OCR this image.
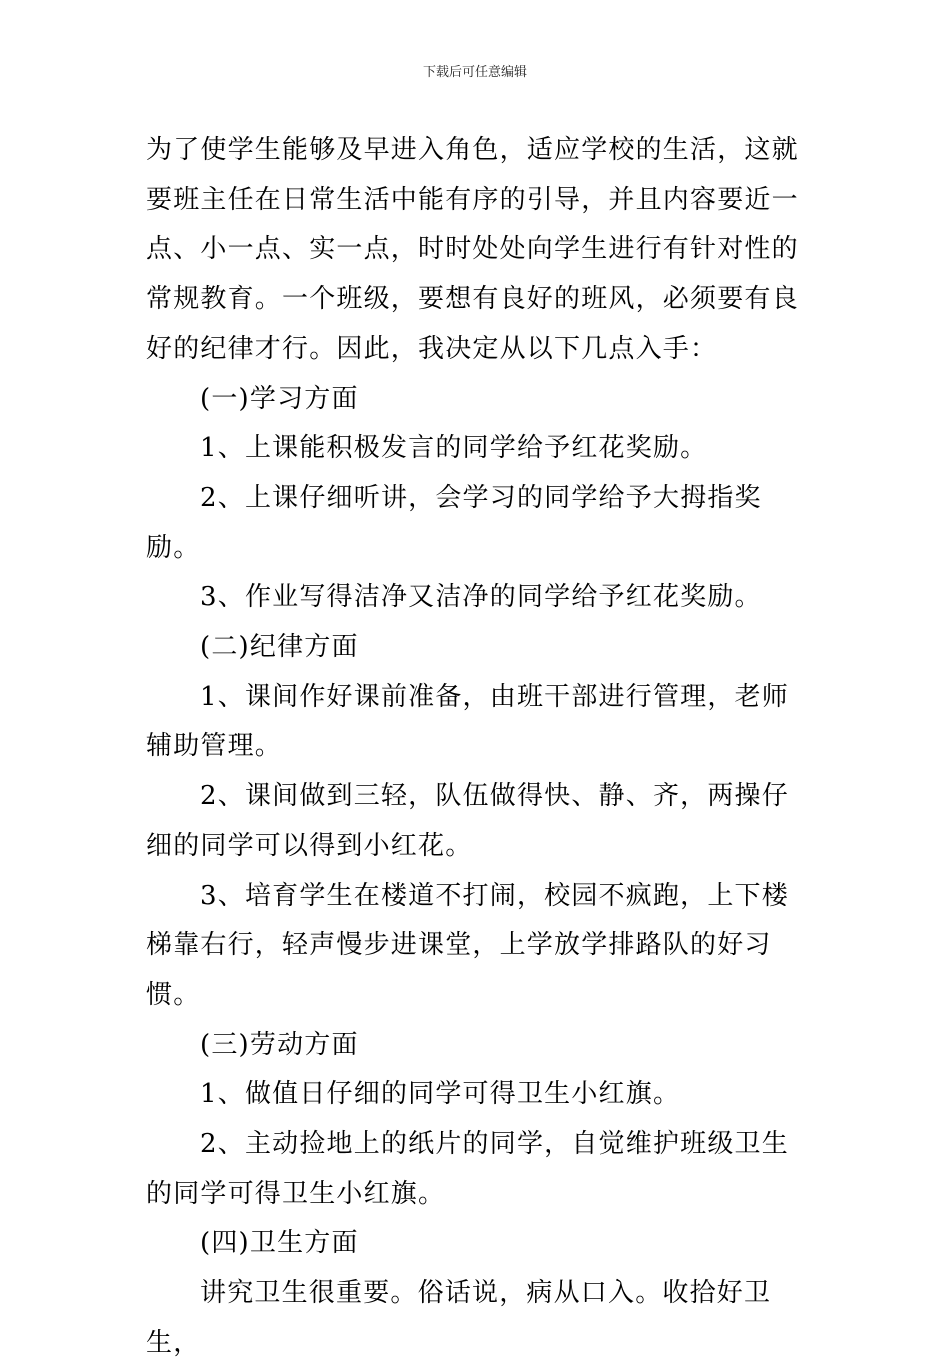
下载后可任意编辑

为了使学生能够及早进入角色，适应学校的生活，这就要班主任在日常生活中能有序的引导，并且内容要近一点、小一点、实一点，时时处处向学生进行有针对性的常规教育。一个班级，要想有良好的班风，必须要有良好的纪律才行。因此，我决定从以下几点入手：

(一)学习方面

1、上课能积极发言的同学给予红花奖励。

2、上课仔细听讲，会学习的同学给予大拇指奖励。

3、作业写得洁净又洁净的同学给予红花奖励。

(二)纪律方面

1、课间作好课前准备，由班干部进行管理，老师辅助管理。

2、课间做到三轻，队伍做得快、静、齐，两操仔细的同学可以得到小红花。

3、培育学生在楼道不打闹，校园不疯跑，上下楼梯靠右行，轻声慢步进课堂，上学放学排路队的好习惯。

(三)劳动方面

1、做值日仔细的同学可得卫生小红旗。

2、主动捡地上的纸片的同学，自觉维护班级卫生的同学可得卫生小红旗。

(四)卫生方面

讲究卫生很重要。俗话说，病从口入。收拾好卫生，
